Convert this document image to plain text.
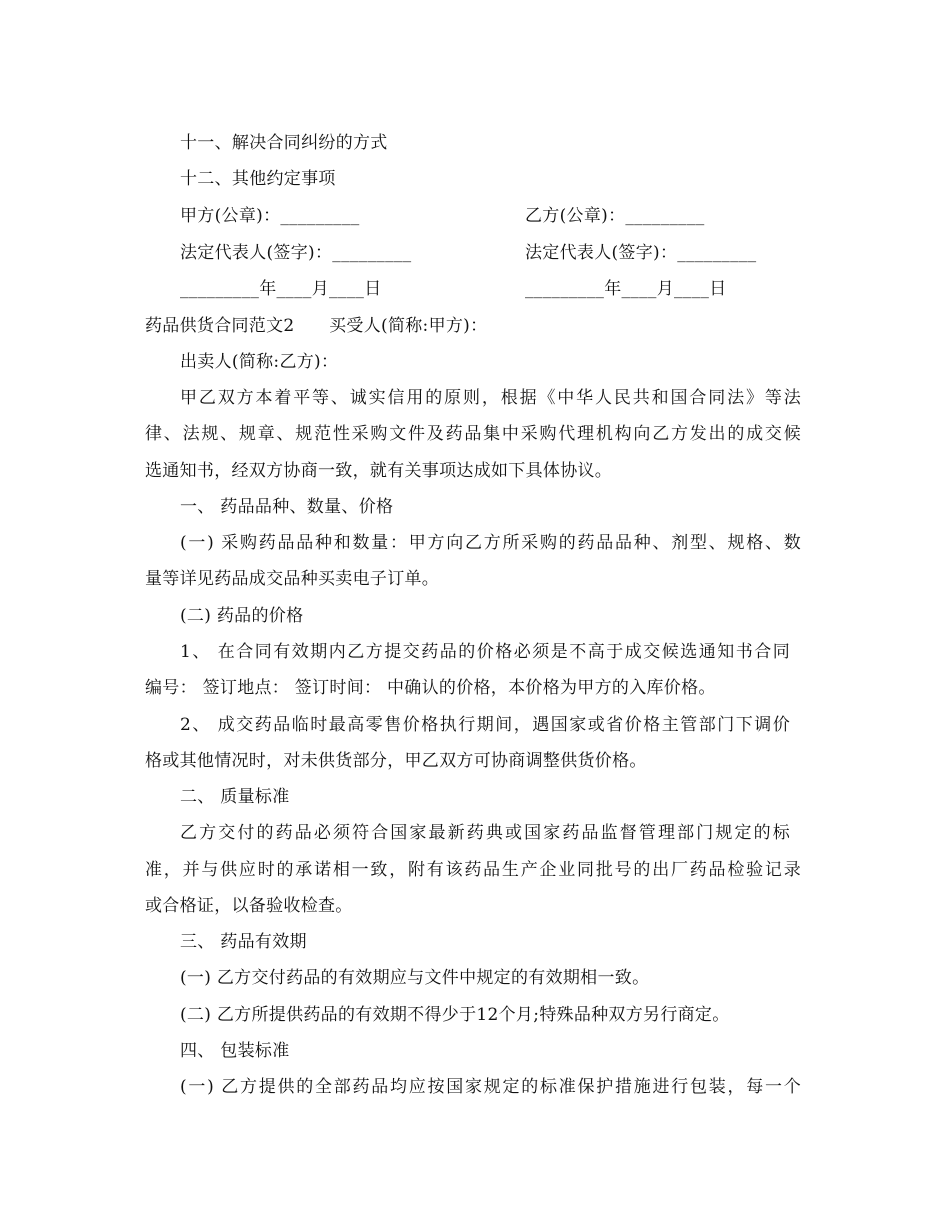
十一、解决合同纠纷的方式
十二、其他约定事项
甲方(公章)：_________	乙方(公章)：_________
法定代表人(签字)：_________	法定代表人(签字)：_________
_________年____月____日	_________年____月____日
药品供货合同范文2　　买受人(简称:甲方)：
出卖人(简称:乙方)：
甲乙双方本着平等、诚实信用的原则，根据《中华人民共和国合同法》等法
律、法规、规章、规范性采购文件及药品集中采购代理机构向乙方发出的成交候
选通知书，经双方协商一致，就有关事项达成如下具体协议。
一、 药品品种、数量、价格
(一) 采购药品品种和数量：甲方向乙方所采购的药品品种、剂型、规格、数
量等详见药品成交品种买卖电子订单。
(二) 药品的价格
1、 在合同有效期内乙方提交药品的价格必须是不高于成交候选通知书合同
编号： 签订地点： 签订时间： 中确认的价格，本价格为甲方的入库价格。
2、 成交药品临时最高零售价格执行期间，遇国家或省价格主管部门下调价
格或其他情况时，对未供货部分，甲乙双方可协商调整供货价格。
二、 质量标准
乙方交付的药品必须符合国家最新药典或国家药品监督管理部门规定的标
准，并与供应时的承诺相一致，附有该药品生产企业同批号的出厂药品检验记录
或合格证，以备验收检查。
三、 药品有效期
(一) 乙方交付药品的有效期应与文件中规定的有效期相一致。
(二) 乙方所提供药品的有效期不得少于12个月;特殊品种双方另行商定。
四、 包装标准
(一) 乙方提供的全部药品均应按国家规定的标准保护措施进行包装，每一个
